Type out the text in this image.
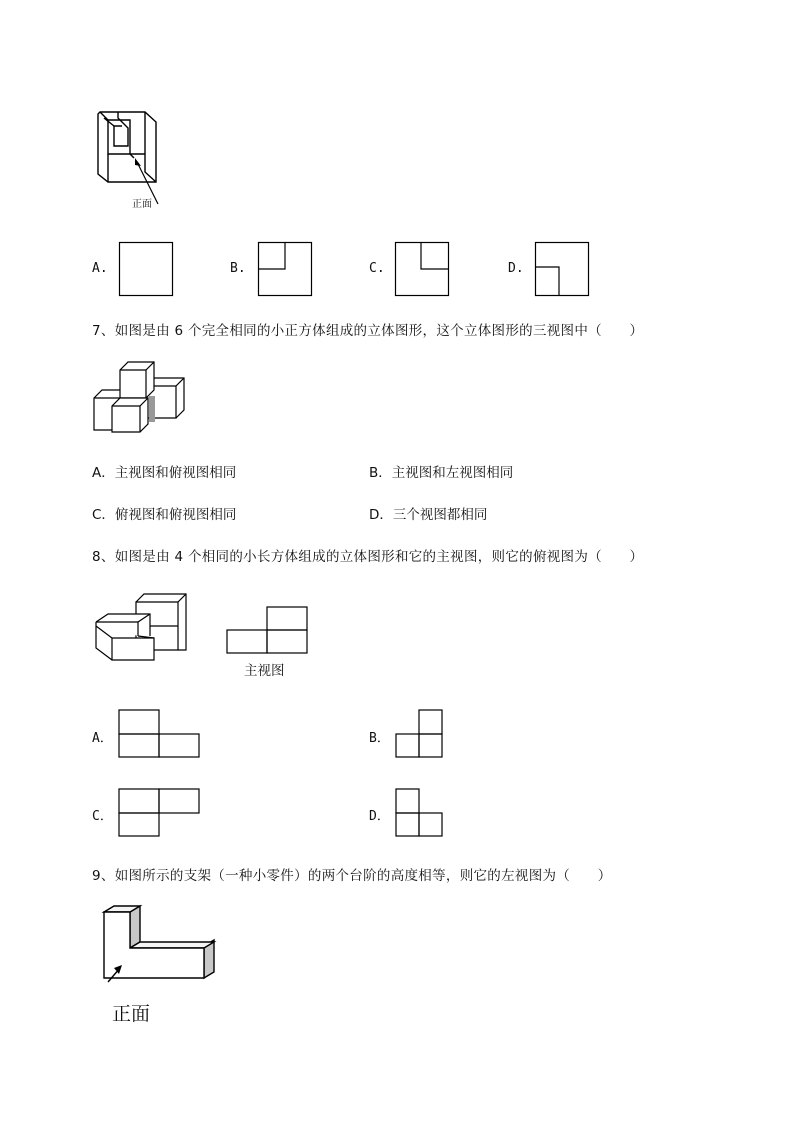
正面
A.	B.	C.	D.
7、如图是由 6 个完全相同的小正方体组成的立体图形，这个立体图形的三视图中（　　）
A．主视图和俯视图相同	B．主视图和左视图相同
C．俯视图和俯视图相同	D．三个视图都相同
8、如图是由 4 个相同的小长方体组成的立体图形和它的主视图，则它的俯视图为（　　）
主视图
A．	B．
C．	D．
9、如图所示的支架（一种小零件）的两个台阶的高度相等，则它的左视图为（　　）
正面
